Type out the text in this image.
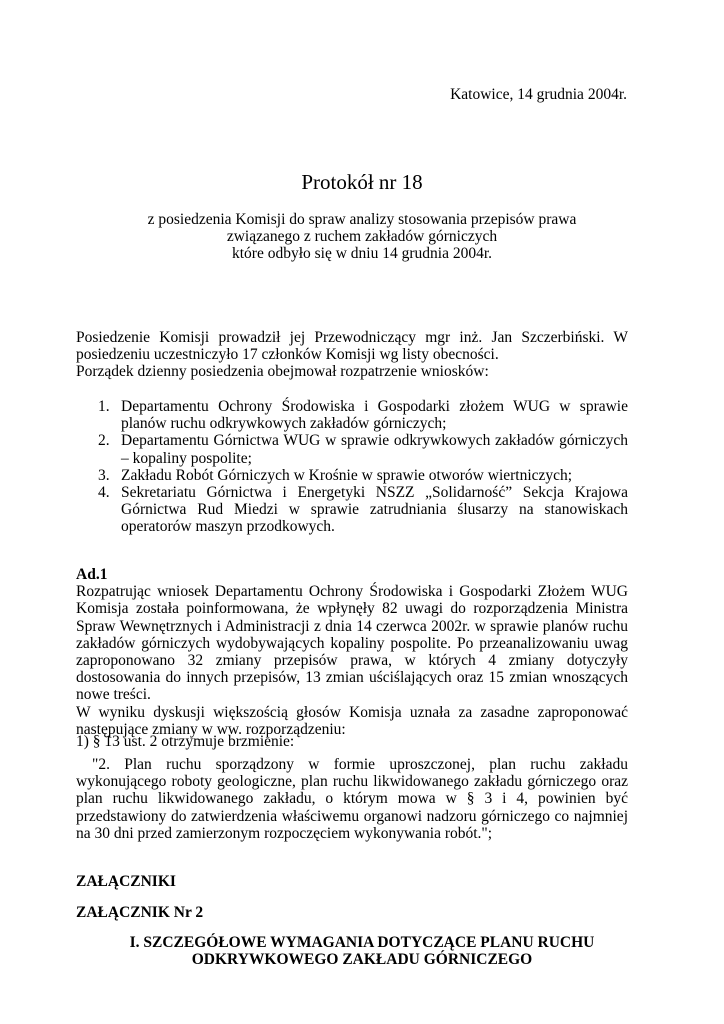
Katowice, 14 grudnia 2004r.
Protokół nr 18
z posiedzenia Komisji do spraw analizy stosowania przepisów prawa
związanego z ruchem zakładów górniczych
które odbyło się w dniu 14 grudnia 2004r.
Posiedzenie Komisji prowadził jej Przewodniczący mgr inż. Jan Szczerbiński. W posiedzeniu uczestniczyło 17 członków Komisji wg listy obecności.
Porządek dzienny posiedzenia obejmował rozpatrzenie wniosków:
1. Departamentu Ochrony Środowiska i Gospodarki złożem WUG w sprawie planów ruchu odkrywkowych zakładów górniczych;
2. Departamentu Górnictwa WUG w sprawie odkrywkowych zakładów górniczych – kopaliny pospolite;
3. Zakładu Robót Górniczych w Krośnie w sprawie otworów wiertniczych;
4. Sekretariatu Górnictwa i Energetyki NSZZ „Solidarność” Sekcja Krajowa Górnictwa Rud Miedzi w sprawie zatrudniania ślusarzy na stanowiskach operatorów maszyn przodkowych.
Ad.1
Rozpatrując wniosek Departamentu Ochrony Środowiska i Gospodarki Złożem WUG Komisja została poinformowana, że wpłynęły 82 uwagi do rozporządzenia Ministra Spraw Wewnętrznych i Administracji z dnia 14 czerwca 2002r. w sprawie planów ruchu zakładów górniczych wydobywających kopaliny pospolite. Po przeanalizowaniu uwag zaproponowano 32 zmiany przepisów prawa, w których 4 zmiany dotyczyły dostosowania do innych przepisów, 13 zmian uściślających oraz 15 zmian wnoszących nowe treści.
W wyniku dyskusji większością głosów Komisja uznała za zasadne zaproponować następujące zmiany w ww. rozporządzeniu:
1) § 13 ust. 2 otrzymuje brzmienie:
"2. Plan ruchu sporządzony w formie uproszczonej, plan ruchu zakładu wykonującego roboty geologiczne, plan ruchu likwidowanego zakładu górniczego oraz plan ruchu likwidowanego zakładu, o którym mowa w § 3 i 4, powinien być przedstawiony do zatwierdzenia właściwemu organowi nadzoru górniczego co najmniej na 30 dni przed zamierzonym rozpoczęciem wykonywania robót.";
ZAŁĄCZNIKI
ZAŁĄCZNIK Nr 2
I. SZCZEGÓŁOWE WYMAGANIA DOTYCZĄCE PLANU RUCHU
ODKRYWKOWEGO ZAKŁADU GÓRNICZEGO
